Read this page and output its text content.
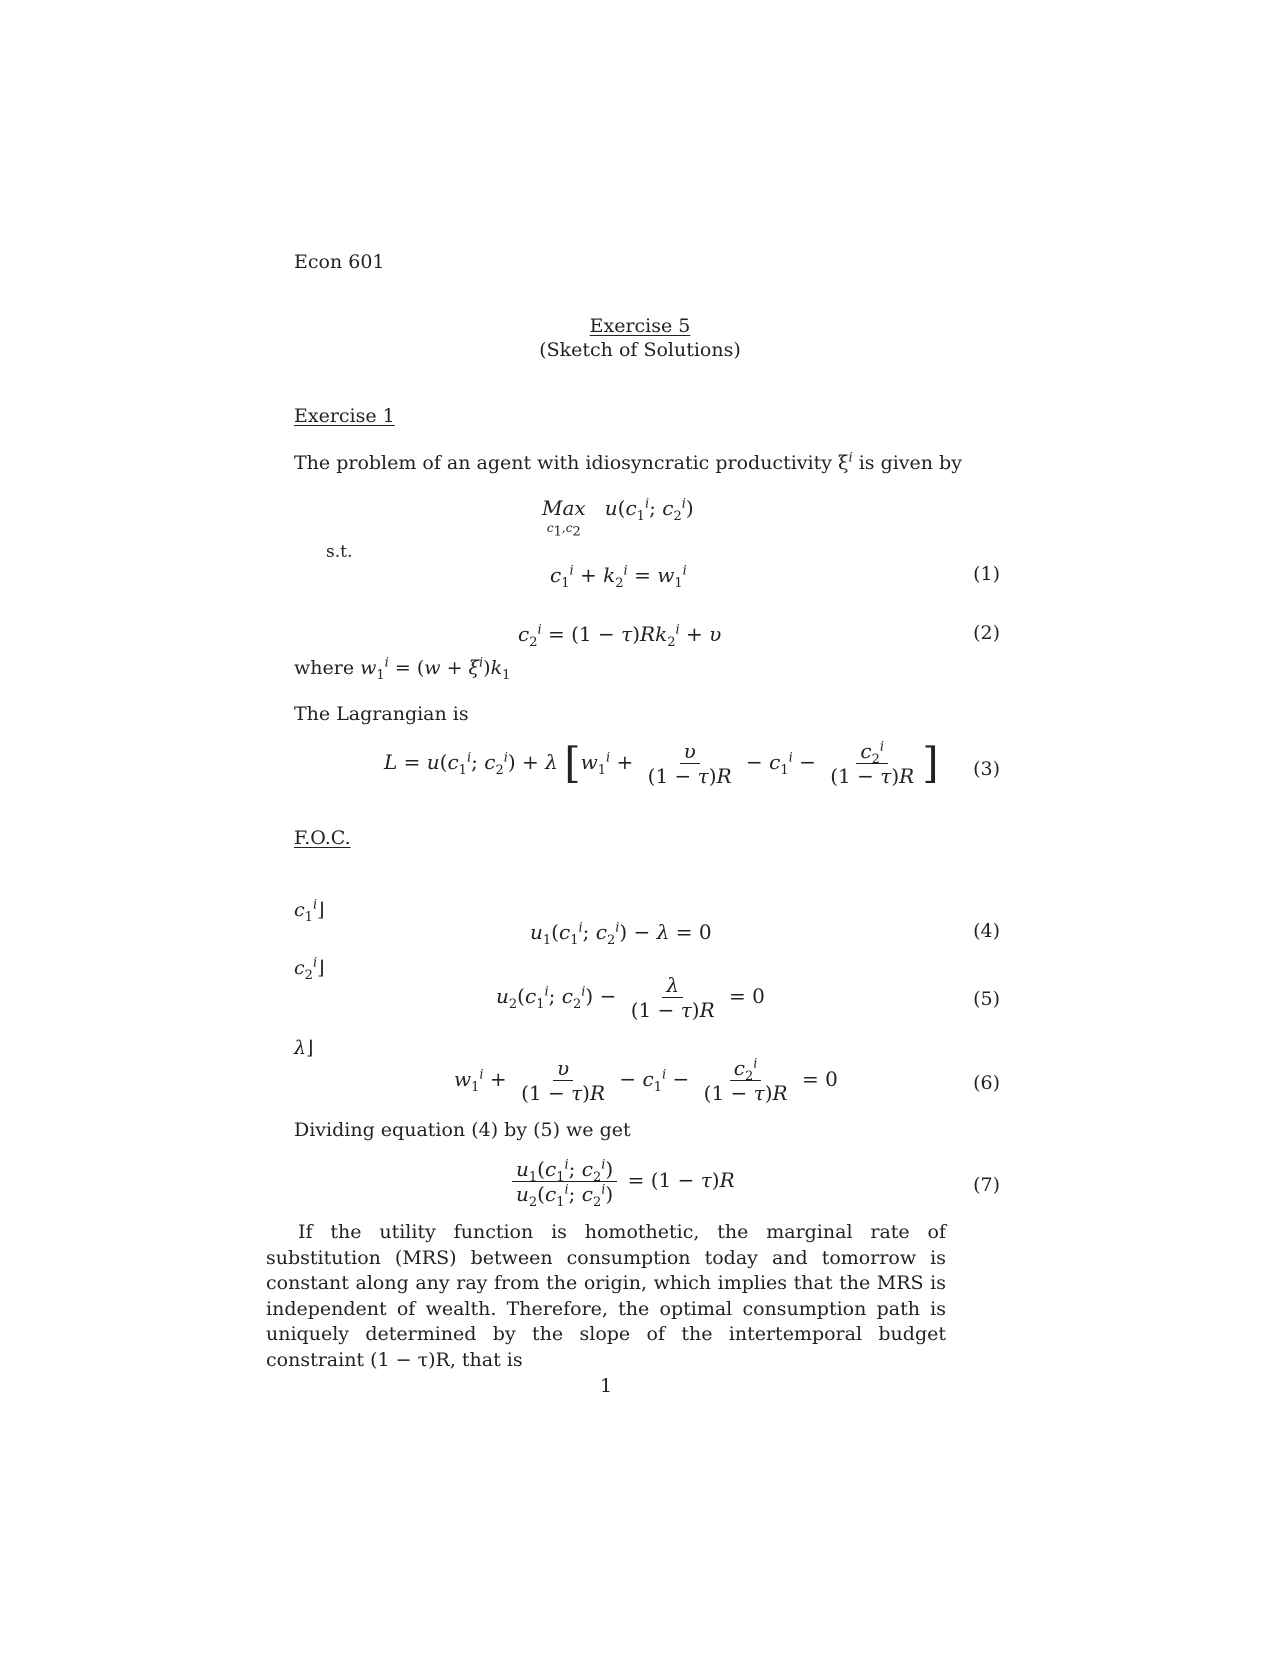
Econ 601
Exercise 5
(Sketch of Solutions)
Exercise 1
The problem of an agent with idiosyncratic productivity $\xi^i$ is given by
Max
$c_1,c_2$
$u(c_1^i$; $c_2^i$)
s.t.
$c_1^i + k_2^i = w_1^i$	(1)
$c_2^i = (1 - \tau)Rk_2^i + \upsilon$	(2)
where $w_1^i = (w + \xi^i)k_1$
The Lagrangian is
$L = u(c_1^i$; $c_2^i) + \lambda$ [$w_1^i + \frac{\upsilon}{(1 - \tau)R} - c_1^i - \frac{c_2^i}{(1 - \tau)R}$ ]	(3)
F.O.C.
$c_1^i⌋$
$u_1(c_1^i$; $c_2^i) - \lambda = 0$	(4)
$c_2^i⌋$
$u_2(c_1^i$; $c_2^i) - \frac{\lambda}{(1 - \tau)R} = 0$	(5)
λ⌋
$w_1^i + \frac{\upsilon}{(1 - \tau)R} - c_1^i - \frac{c_2^i}{(1 - \tau)R} = 0$	(6)
Dividing equation (4) by (5) we get
$\frac{u_1(c_1^i; c_2^i)}{u_2(c_1^i; c_2^i)} = (1 - \tau)R$	(7)

If the utility function is homothetic, the marginal rate of substitution (MRS) between consumption today and tomorrow is constant along any ray from the origin, which implies that the MRS is independent of wealth. Therefore, the optimal consumption path is uniquely determined by the slope of the intertemporal budget constraint (1 − τ)R, that is

1
